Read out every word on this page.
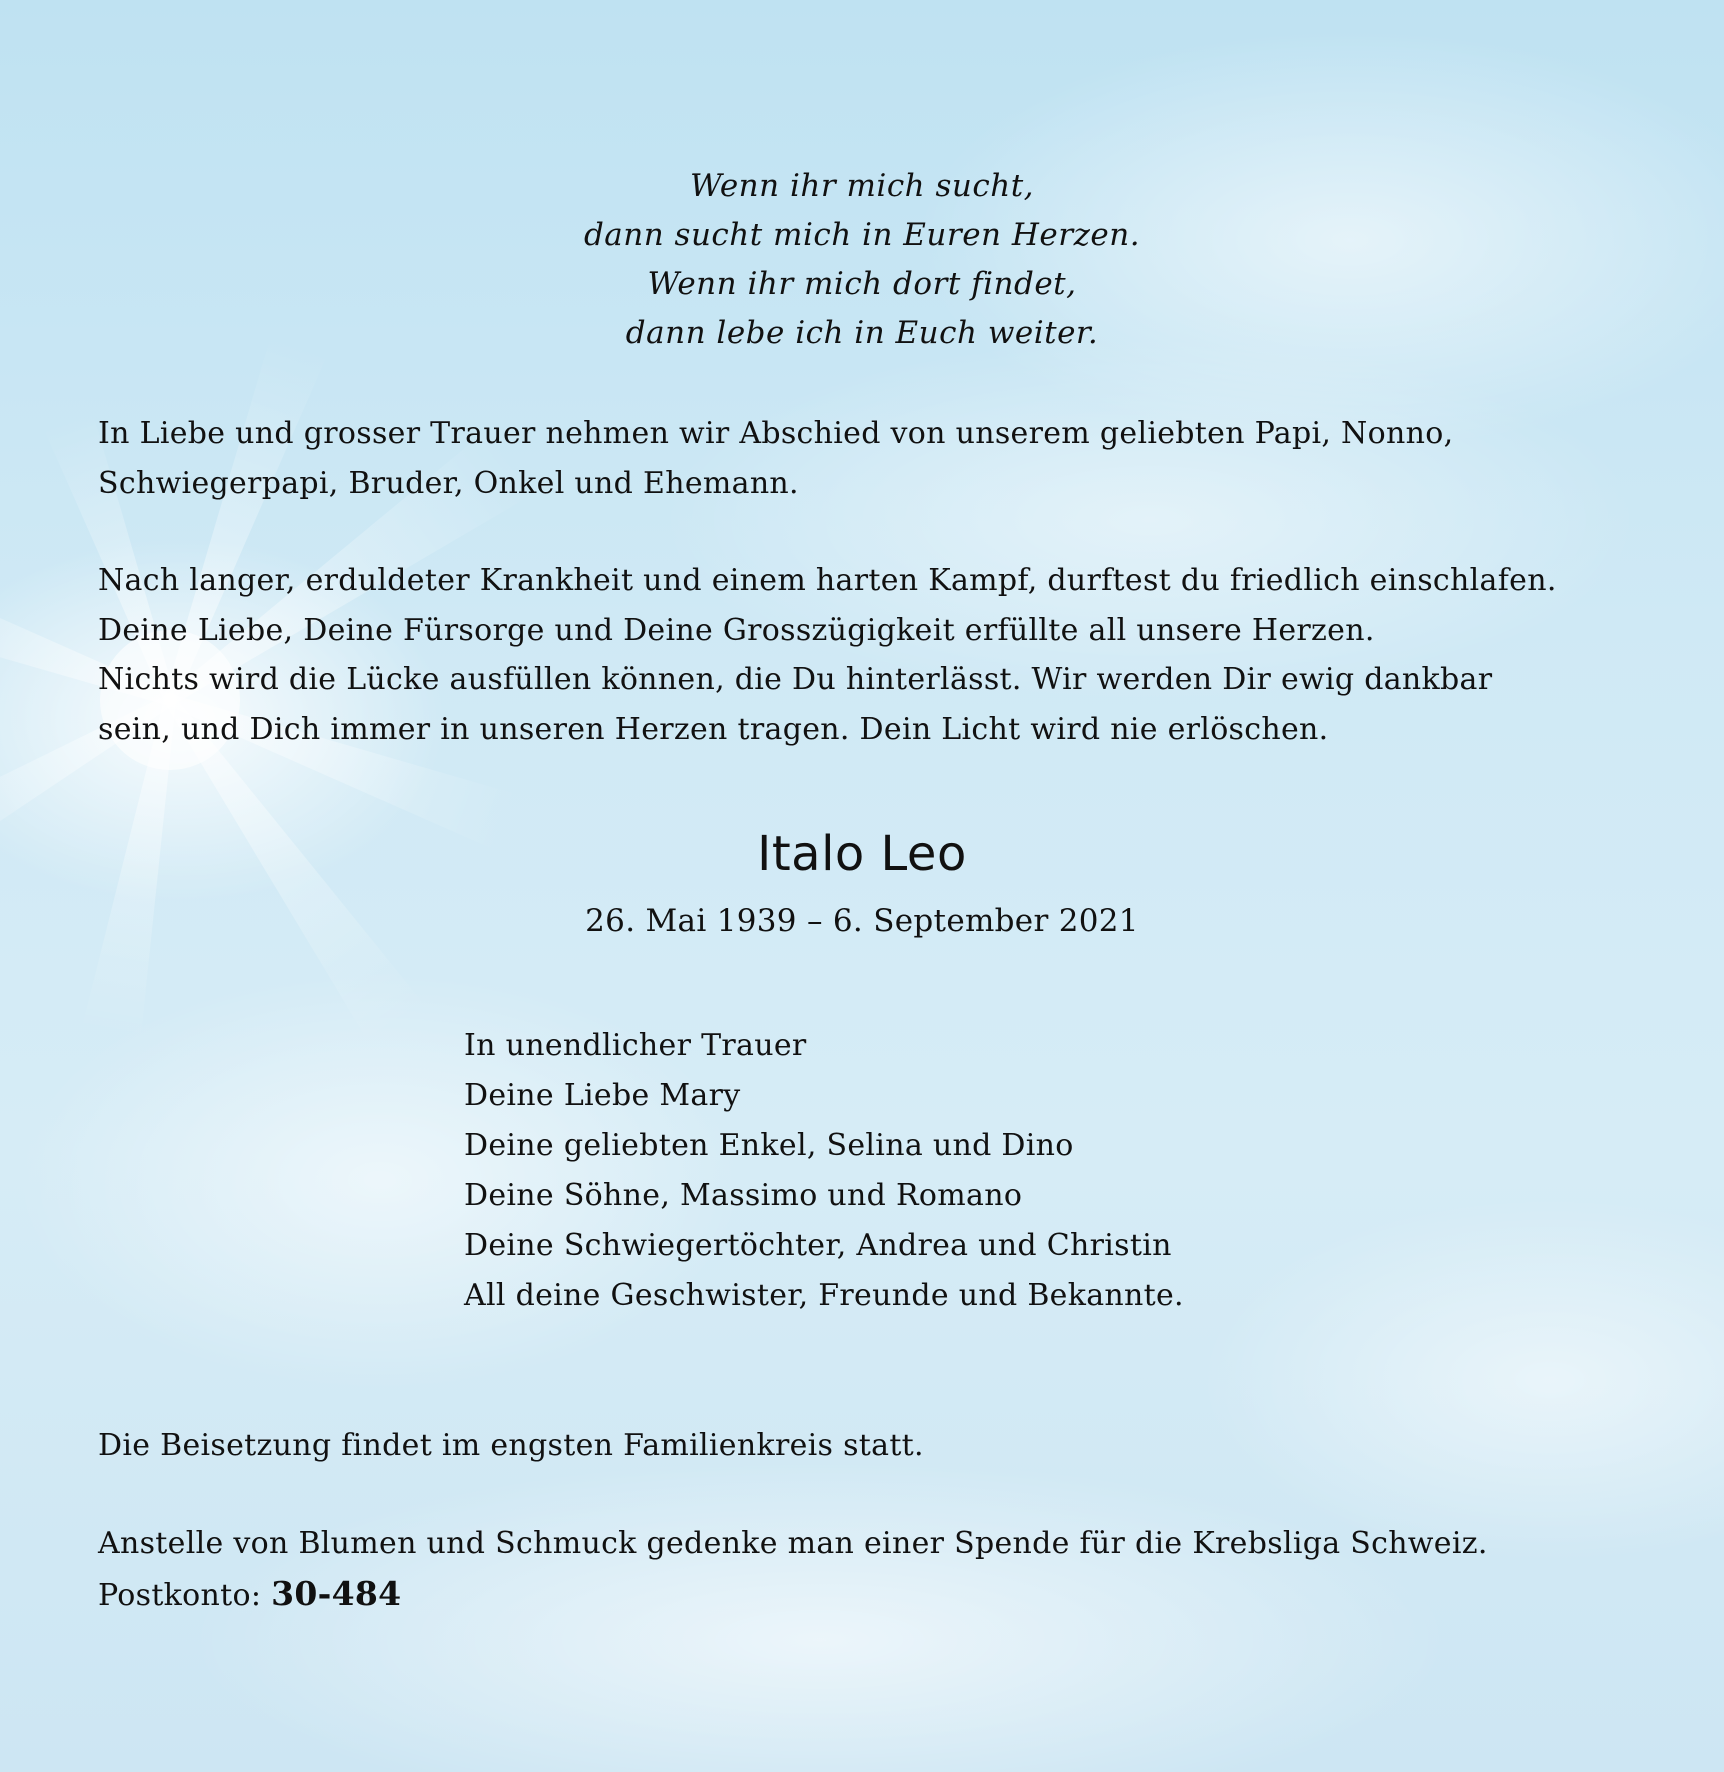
Wenn ihr mich sucht,
dann sucht mich in Euren Herzen.
Wenn ihr mich dort findet,
dann lebe ich in Euch weiter.
In Liebe und grosser Trauer nehmen wir Abschied von unserem geliebten Papi, Nonno,
Schwiegerpapi, Bruder, Onkel und Ehemann.
Nach langer, erduldeter Krankheit und einem harten Kampf, durftest du friedlich einschlafen.
Deine Liebe, Deine Fürsorge und Deine Grosszügigkeit erfüllte all unsere Herzen.
Nichts wird die Lücke ausfüllen können, die Du hinterlässt. Wir werden Dir ewig dankbar
sein, und Dich immer in unseren Herzen tragen. Dein Licht wird nie erlöschen.
Italo Leo
26. Mai 1939 – 6. September 2021
In unendlicher Trauer
Deine Liebe Mary
Deine geliebten Enkel, Selina und Dino
Deine Söhne, Massimo und Romano
Deine Schwiegertöchter, Andrea und Christin
All deine Geschwister, Freunde und Bekannte.
Die Beisetzung findet im engsten Familienkreis statt.
Anstelle von Blumen und Schmuck gedenke man einer Spende für die Krebsliga Schweiz.
Postkonto: 30-484
